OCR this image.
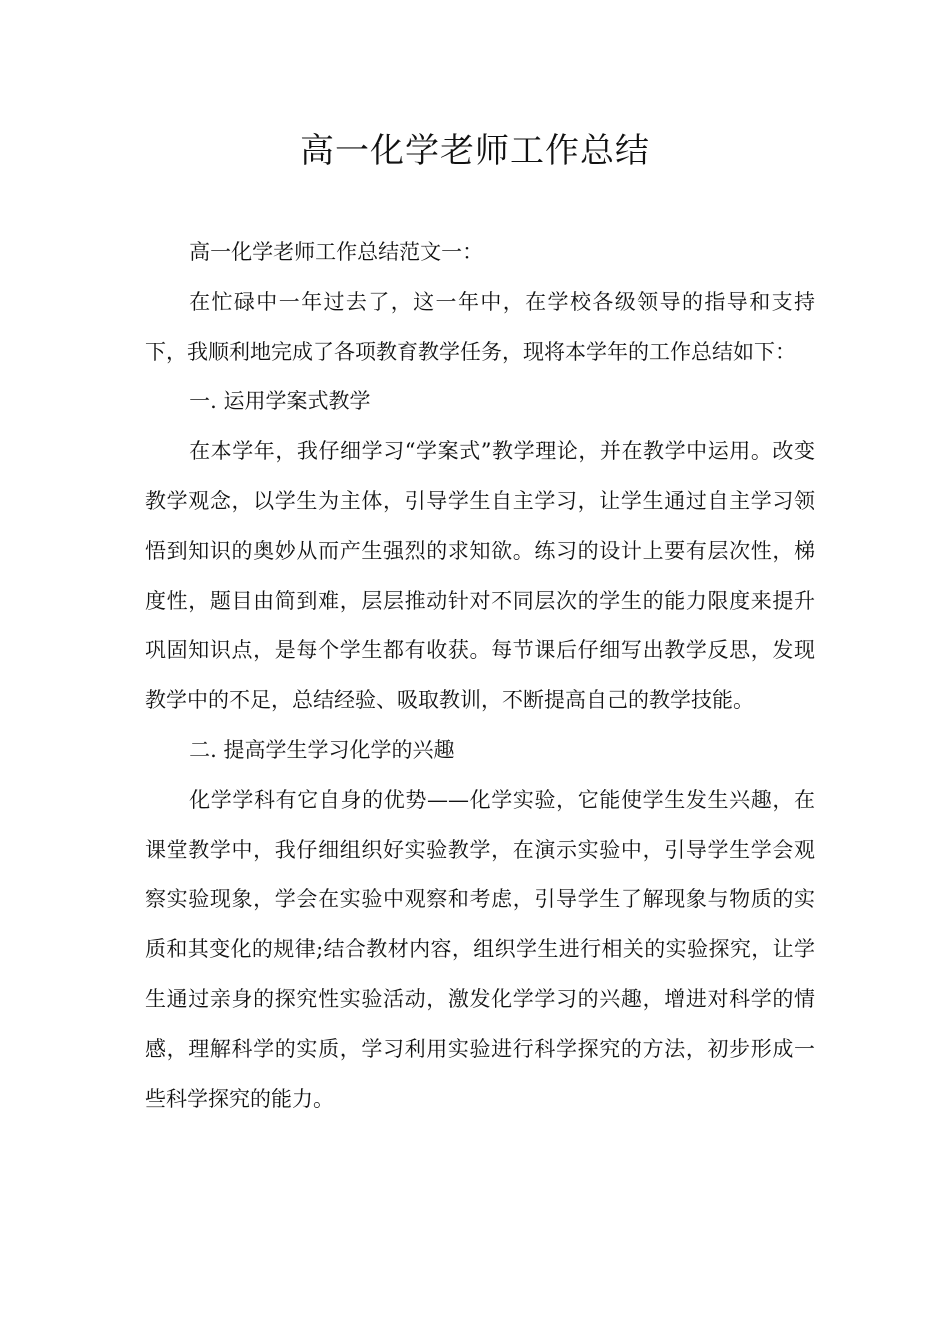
高一化学老师工作总结

高一化学老师工作总结范文一：

在忙碌中一年过去了，这一年中，在学校各级领导的指导和支持下，我顺利地完成了各项教育教学任务，现将本学年的工作总结如下：

一. 运用学案式教学

在本学年，我仔细学习“学案式”教学理论，并在教学中运用。改变教学观念，以学生为主体，引导学生自主学习，让学生通过自主学习领悟到知识的奥妙从而产生强烈的求知欲。练习的设计上要有层次性，梯度性，题目由简到难，层层推动针对不同层次的学生的能力限度来提升巩固知识点，是每个学生都有收获。每节课后仔细写出教学反思，发现教学中的不足，总结经验、吸取教训，不断提高自己的教学技能。

二. 提高学生学习化学的兴趣

化学学科有它自身的优势——化学实验，它能使学生发生兴趣，在课堂教学中，我仔细组织好实验教学，在演示实验中，引导学生学会观察实验现象，学会在实验中观察和考虑，引导学生了解现象与物质的实质和其变化的规律;结合教材内容，组织学生进行相关的实验探究，让学生通过亲身的探究性实验活动，激发化学学习的兴趣，增进对科学的情感，理解科学的实质，学习利用实验进行科学探究的方法，初步形成一些科学探究的能力。
